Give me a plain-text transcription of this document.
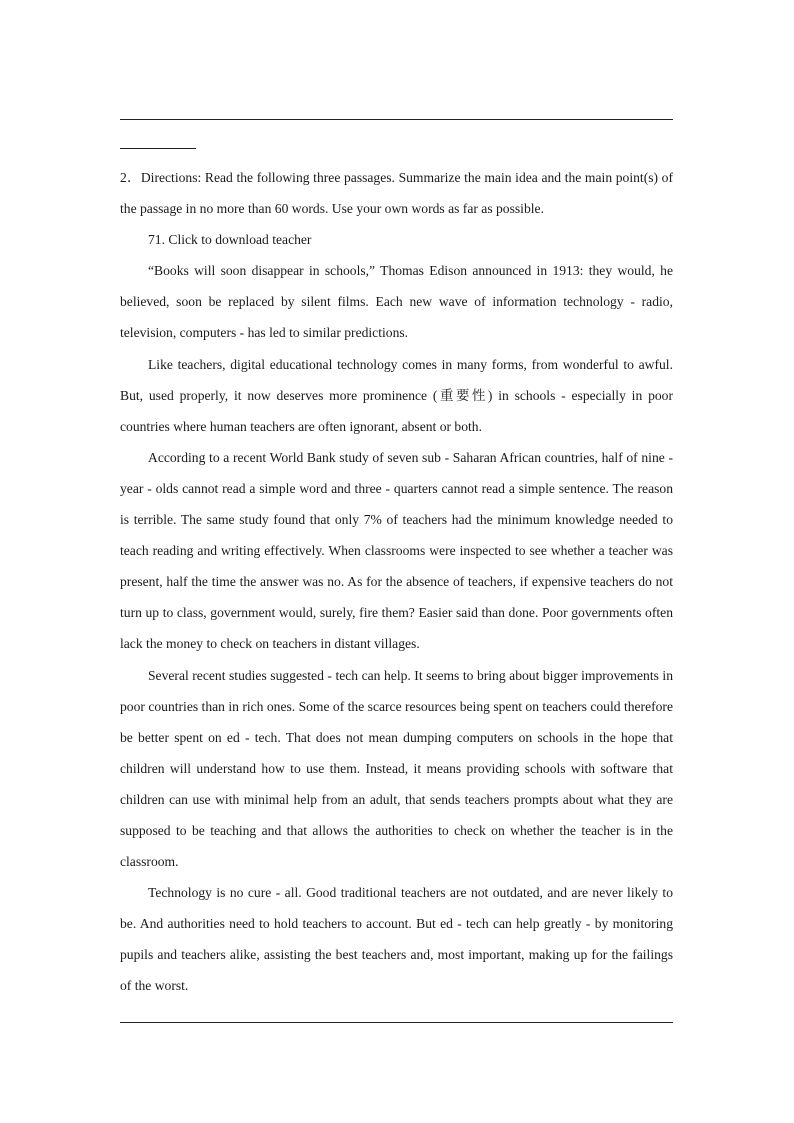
2．Directions: Read the following three passages. Summarize the main idea and the main point(s) of the passage in no more than 60 words. Use your own words as far as possible.

71. Click to download teacher

“Books will soon disappear in schools,” Thomas Edison announced in 1913: they would, he believed, soon be replaced by silent films. Each new wave of information technology - radio, television, computers - has led to similar predictions.

Like teachers, digital educational technology comes in many forms, from wonderful to awful. But, used properly, it now deserves more prominence (重要性) in schools - especially in poor countries where human teachers are often ignorant, absent or both.

According to a recent World Bank study of seven sub - Saharan African countries, half of nine - year - olds cannot read a simple word and three - quarters cannot read a simple sentence. The reason is terrible. The same study found that only 7% of teachers had the minimum knowledge needed to teach reading and writing effectively. When classrooms were inspected to see whether a teacher was present, half the time the answer was no. As for the absence of teachers, if expensive teachers do not turn up to class, government would, surely, fire them? Easier said than done. Poor governments often lack the money to check on teachers in distant villages.

Several recent studies suggested - tech can help. It seems to bring about bigger improvements in poor countries than in rich ones. Some of the scarce resources being spent on teachers could therefore be better spent on ed - tech. That does not mean dumping computers on schools in the hope that children will understand how to use them. Instead, it means providing schools with software that children can use with minimal help from an adult, that sends teachers prompts about what they are supposed to be teaching and that allows the authorities to check on whether the teacher is in the classroom.

Technology is no cure - all. Good traditional teachers are not outdated, and are never likely to be. And authorities need to hold teachers to account. But ed - tech can help greatly - by monitoring pupils and teachers alike, assisting the best teachers and, most important, making up for the failings of the worst.
